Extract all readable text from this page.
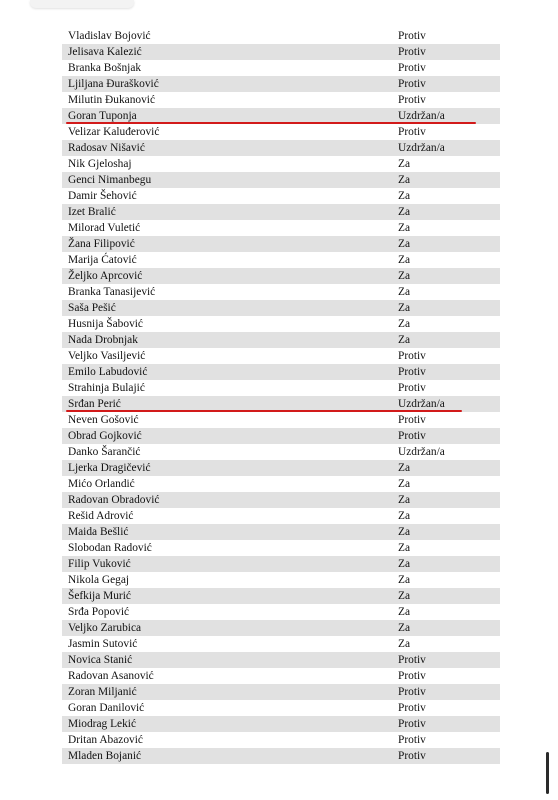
Vladislav Bojović	Protiv
Jelisava Kalezić	Protiv
Branka Bošnjak	Protiv
Ljiljana Đurašković	Protiv
Milutin Đukanović	Protiv
Goran Tuponja	Uzdržan/a
Velizar Kaluđerović	Protiv
Radosav Nišavić	Uzdržan/a
Nik Gjeloshaj	Za
Genci Nimanbegu	Za
Damir Šehović	Za
Izet Bralić	Za
Milorad Vuletić	Za
Žana Filipović	Za
Marija Ćatović	Za
Željko Aprcović	Za
Branka Tanasijević	Za
Saša Pešić	Za
Husnija Šabović	Za
Nada Drobnjak	Za
Veljko Vasiljević	Protiv
Emilo Labudović	Protiv
Strahinja Bulajić	Protiv
Srđan Perić	Uzdržan/a
Neven Gošović	Protiv
Obrad Gojković	Protiv
Danko Šarančić	Uzdržan/a
Ljerka Dragičević	Za
Mićo Orlandić	Za
Radovan Obradović	Za
Rešid Adrović	Za
Maida Bešlić	Za
Slobodan Radović	Za
Filip Vuković	Za
Nikola Gegaj	Za
Šefkija Murić	Za
Srđa Popović	Za
Veljko Zarubica	Za
Jasmin Sutović	Za
Novica Stanić	Protiv
Radovan Asanović	Protiv
Zoran Miljanić	Protiv
Goran Danilović	Protiv
Miodrag Lekić	Protiv
Dritan Abazović	Protiv
Mladen Bojanić	Protiv
